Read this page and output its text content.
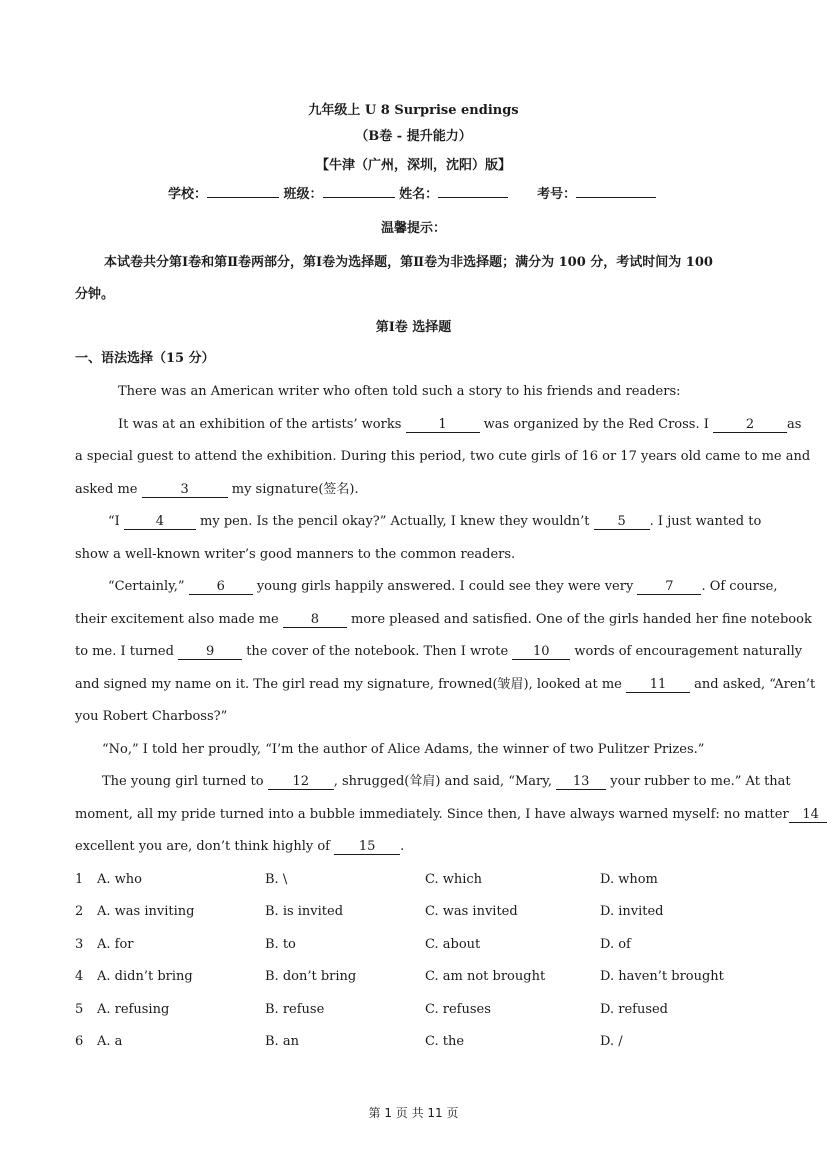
九年级上 U 8 Surprise endings
（B卷 - 提升能力）
【牛津（广州，深圳，沈阳）版】
学校：	班级：	姓名：	考号：
温馨提示：
本试卷共分第Ⅰ卷和第Ⅱ卷两部分，第Ⅰ卷为选择题，第Ⅱ卷为非选择题；满分为 100 分，考试时间为 100
分钟。
第Ⅰ卷 选择题
一、语法选择（15 分）
There was an American writer who often told such a story to his friends and readers:
It was at an exhibition of the artists’ works	1	was organized by the Red Cross. I	2	as
a special guest to attend the exhibition. During this period, two cute girls of 16 or 17 years old came to me and
asked me	3	my signature(签名).
“I 4 my pen. Is the pencil okay?” Actually, I knew they wouldn’t 5 . I just wanted to
show a well-known writer’s good manners to the common readers.
“Certainly,” 6 young girls happily answered. I could see they were very 7 . Of course,
their excitement also made me 8 more pleased and satisfied. One of the girls handed her fine notebook
to me. I turned 9 the cover of the notebook. Then I wrote 10 words of encouragement naturally
and signed my name on it. The girl read my signature, frowned(皱眉), looked at me 11 and asked, “Aren’t
you Robert Charboss?”
“No,” I told her proudly, “I’m the author of Alice Adams, the winner of two Pulitzer Prizes.”
The young girl turned to 12 , shrugged(耸肩) and said, “Mary, 13 your rubber to me.” At that
moment, all my pride turned into a bubble immediately. Since then, I have always warned myself: no matter 14
excellent you are, don’t think highly of 15 .
1 A. who	B. \	C. which	D. whom
2 A. was inviting	B. is invited	C. was invited	D. invited
3 A. for	B. to	C. about	D. of
4 A. didn’t bring	B. don’t bring	C. am not brought	D. haven’t brought
5 A. refusing	B. refuse	C. refuses	D. refused
6 A. a	B. an	C. the	D. /
第 1 页 共 11 页
